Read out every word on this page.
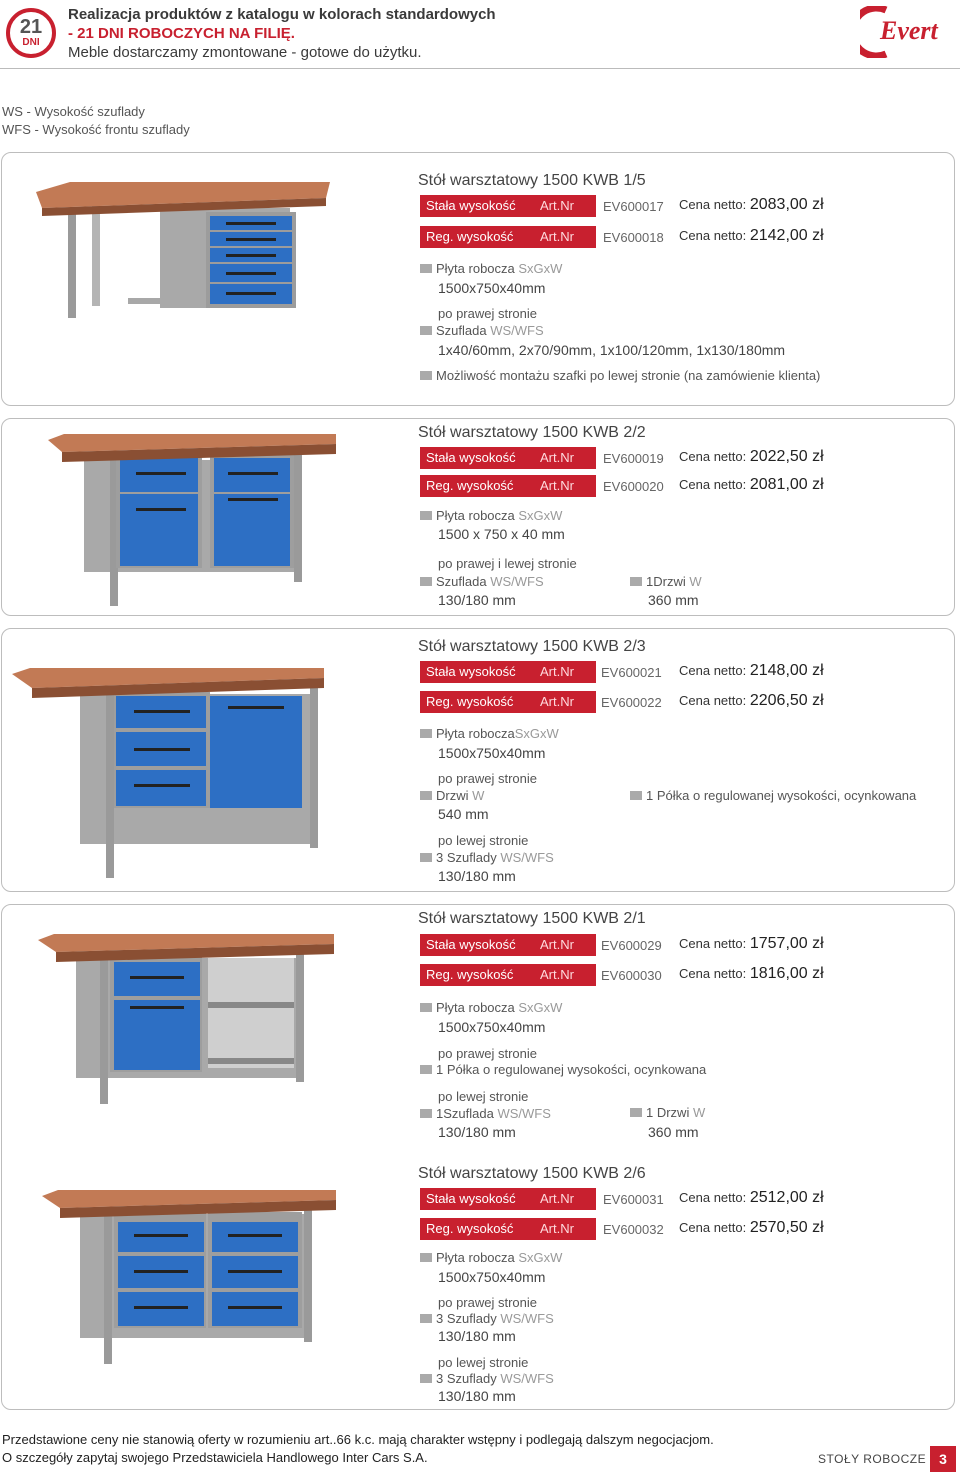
21
DNI
Realizacja produktów z katalogu w kolorach standardowych
- 21 DNI ROBOCZYCH NA FILIĘ.
Meble dostarczamy zmontowane - gotowe do użytku.
Evert
WS - Wysokość szuflady
WFS - Wysokość frontu szuflady
Stół warsztatowy 1500 KWB 1/5
Stała wysokość Art.Nr EV600017 Cena netto: 2083,00 zł
Reg. wysokość Art.Nr EV600018 Cena netto: 2142,00 zł
Płyta robocza SxGxW
1500x750x40mm
po prawej stronie
Szuflada WS/WFS
1x40/60mm, 2x70/90mm, 1x100/120mm, 1x130/180mm
Możliwość montażu szafki po lewej stronie (na zamówienie klienta)
Stół warsztatowy 1500 KWB 2/2
Stała wysokość Art.Nr EV600019 Cena netto: 2022,50 zł
Reg. wysokość Art.Nr EV600020 Cena netto: 2081,00 zł
Płyta robocza SxGxW
1500 x 750 x 40 mm
po prawej i lewej stronie
Szuflada WS/WFS
130/180 mm
1Drzwi W
360 mm
Stół warsztatowy 1500 KWB 2/3
Stała wysokość Art.Nr EV600021 Cena netto: 2148,00 zł
Reg. wysokość Art.Nr EV600022 Cena netto: 2206,50 zł
Płyta roboczaSxGxW
1500x750x40mm
po prawej stronie
Drzwi W
540 mm
1 Półka o regulowanej wysokości, ocynkowana
po lewej stronie
3 Szuflady WS/WFS
130/180 mm
Stół warsztatowy 1500 KWB 2/1
Stała wysokość Art.Nr EV600029 Cena netto: 1757,00 zł
Reg. wysokość Art.Nr EV600030 Cena netto: 1816,00 zł
Płyta robocza SxGxW
1500x750x40mm
po prawej stronie
1 Półka o regulowanej wysokości, ocynkowana
po lewej stronie
1Szuflada WS/WFS
130/180 mm
1 Drzwi W
360 mm
Stół warsztatowy 1500 KWB 2/6
Stała wysokość Art.Nr EV600031 Cena netto: 2512,00 zł
Reg. wysokość Art.Nr EV600032 Cena netto: 2570,50 zł
Płyta robocza SxGxW
1500x750x40mm
po prawej stronie
3 Szuflady WS/WFS
130/180 mm
po lewej stronie
3 Szuflady WS/WFS
130/180 mm
Przedstawione ceny nie stanowią oferty w rozumieniu art..66 k.c. mają charakter wstępny i podlegają dalszym negocjacjom.
O szczegóły zapytaj swojego Przedstawiciela Handlowego Inter Cars S.A.	STOŁY ROBOCZE 3
